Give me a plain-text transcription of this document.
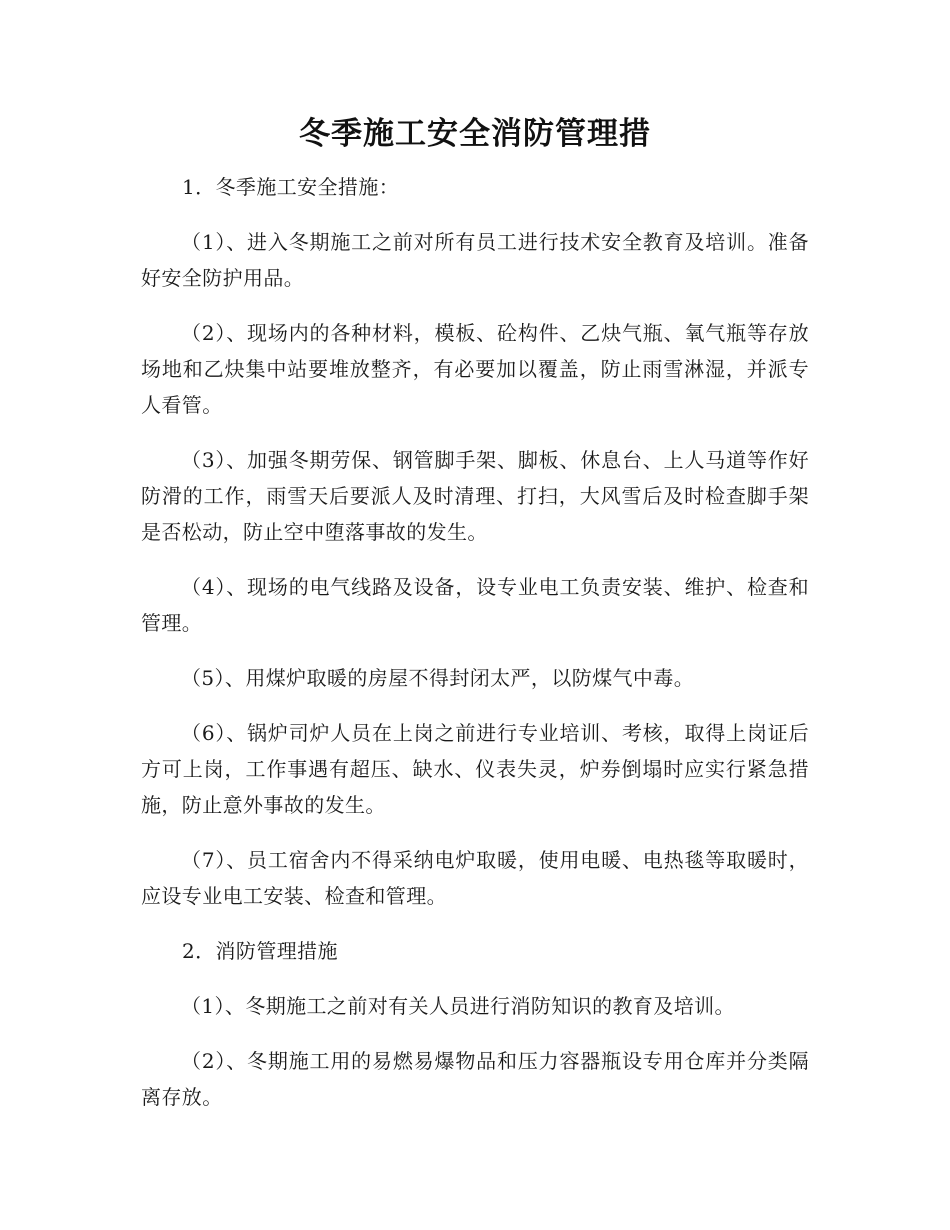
冬季施工安全消防管理措

1．冬季施工安全措施：

（1）、进入冬期施工之前对所有员工进行技术安全教育及培训。准备好安全防护用品。

（2）、现场内的各种材料，模板、砼构件、乙炔气瓶、氧气瓶等存放场地和乙炔集中站要堆放整齐，有必要加以覆盖，防止雨雪淋湿，并派专人看管。

（3）、加强冬期劳保、钢管脚手架、脚板、休息台、上人马道等作好防滑的工作，雨雪天后要派人及时清理、打扫，大风雪后及时检查脚手架是否松动，防止空中堕落事故的发生。

（4）、现场的电气线路及设备，设专业电工负责安装、维护、检查和管理。

（5）、用煤炉取暖的房屋不得封闭太严，以防煤气中毒。

（6）、锅炉司炉人员在上岗之前进行专业培训、考核，取得上岗证后方可上岗，工作事遇有超压、缺水、仪表失灵，炉券倒塌时应实行紧急措施，防止意外事故的发生。

（7）、员工宿舍内不得采纳电炉取暖，使用电暖、电热毯等取暖时，应设专业电工安装、检查和管理。

2．消防管理措施

（1）、冬期施工之前对有关人员进行消防知识的教育及培训。

（2）、冬期施工用的易燃易爆物品和压力容器瓶设专用仓库并分类隔离存放。
